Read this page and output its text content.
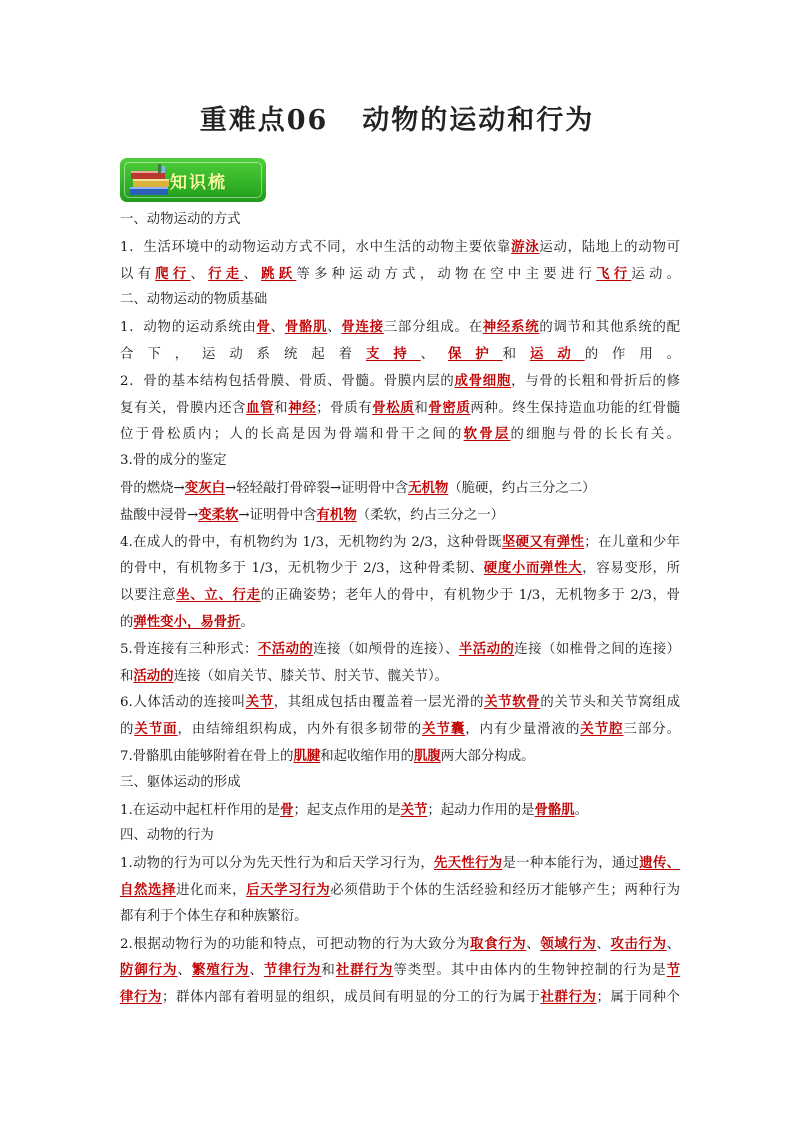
重难点06 动物的运动和行为
知识梳
一、动物运动的方式
1．生活环境中的动物运动方式不同，水中生活的动物主要依靠游泳运动，陆地上的动物可
以有爬行、行走、跳跃等多种运动方式，动物在空中主要进行飞行运动。
二、动物运动的物质基础
1．动物的运动系统由骨、骨骼肌、骨连接三部分组成。在神经系统的调节和其他系统的配
合下，运动系统起着支持、保护和运动的作用。
2．骨的基本结构包括骨膜、骨质、骨髓。骨膜内层的成骨细胞，与骨的长粗和骨折后的修
复有关，骨膜内还含血管和神经；骨质有骨松质和骨密质两种。终生保持造血功能的红骨髓
位于骨松质内；人的长高是因为骨端和骨干之间的软骨层的细胞与骨的长长有关。
3.骨的成分的鉴定
骨的燃烧→变灰白→轻轻敲打骨碎裂→证明骨中含无机物（脆硬，约占三分之二）
盐酸中浸骨→变柔软→证明骨中含有机物（柔软，约占三分之一）
4.在成人的骨中，有机物约为 1/3，无机物约为 2/3，这种骨既坚硬又有弹性；在儿童和少年
的骨中，有机物多于 1/3，无机物少于 2/3，这种骨柔韧、硬度小而弹性大，容易变形，所
以要注意坐、立、行走的正确姿势；老年人的骨中，有机物少于 1/3，无机物多于 2/3，骨
的弹性变小，易骨折。
5.骨连接有三种形式：不活动的连接（如颅骨的连接）、半活动的连接（如椎骨之间的连接）
和活动的连接（如肩关节、膝关节、肘关节、髋关节）。
6.人体活动的连接叫关节，其组成包括由覆盖着一层光滑的关节软骨的关节头和关节窝组成
的关节面，由结缔组织构成，内外有很多韧带的关节囊，内有少量滑液的关节腔三部分。
7.骨骼肌由能够附着在骨上的肌腱和起收缩作用的肌腹两大部分构成。
三、躯体运动的形成
1.在运动中起杠杆作用的是骨；起支点作用的是关节；起动力作用的是骨骼肌。
四、动物的行为
1.动物的行为可以分为先天性行为和后天学习行为，先天性行为是一种本能行为，通过遗传、
自然选择进化而来，后天学习行为必须借助于个体的生活经验和经历才能够产生；两种行为
都有利于个体生存和种族繁衍。
2.根据动物行为的功能和特点，可把动物的行为大致分为取食行为、领域行为、攻击行为、
防御行为、繁殖行为、节律行为和社群行为等类型。其中由体内的生物钟控制的行为是节
律行为；群体内部有着明显的组织，成员间有明显的分工的行为属于社群行为；属于同种个
